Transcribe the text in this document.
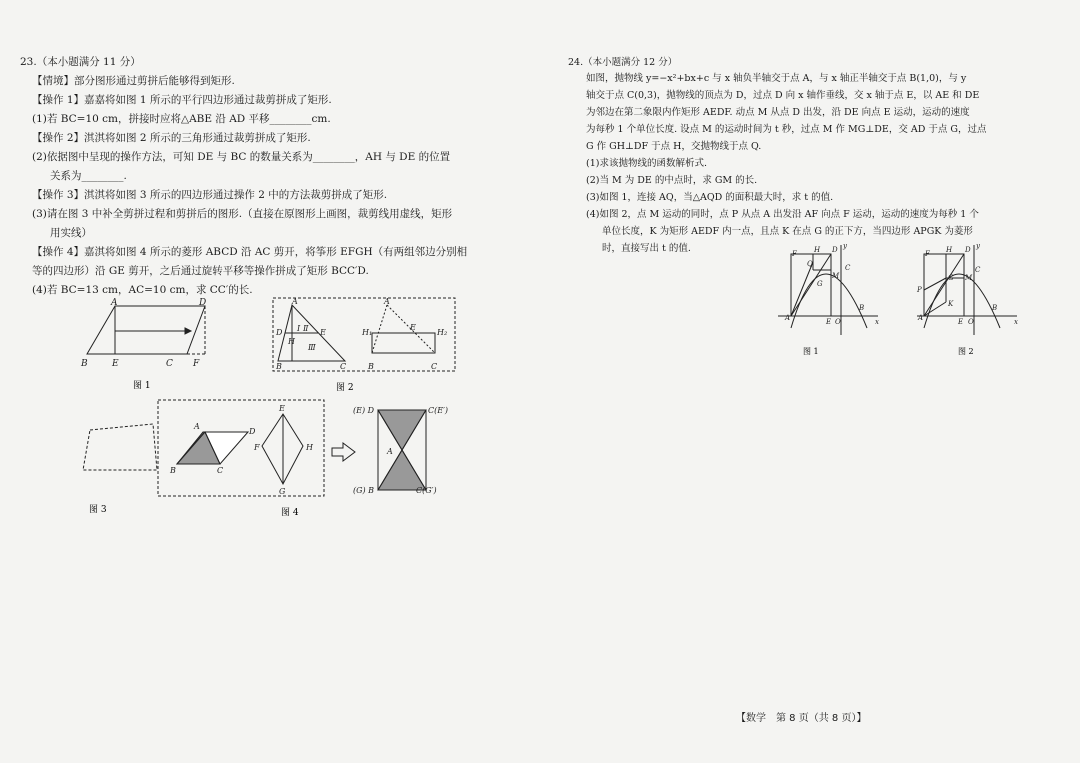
23.（本小题满分 11 分）
【情境】部分图形通过剪拼后能够得到矩形.
【操作 1】嘉嘉将如图 1 所示的平行四边形通过裁剪拼成了矩形.
(1)若 BC=10 cm，拼接时应将△ABE 沿 AD 平移________cm.
【操作 2】淇淇将如图 2 所示的三角形通过裁剪拼成了矩形.
(2)依据图中呈现的操作方法，可知 DE 与 BC 的数量关系为________，AH 与 DE 的位置
关系为________.
【操作 3】淇淇将如图 3 所示的四边形通过操作 2 中的方法裁剪拼成了矩形.
(3)请在图 3 中补全剪拼过程和剪拼后的图形.（直接在原图形上画图，裁剪线用虚线，矩形
用实线）
【操作 4】嘉淇将如图 4 所示的菱形 ABCD 沿 AC 剪开，将筝形 EFGH（有两组邻边分别相
等的四边形）沿 GE 剪开，之后通过旋转平移等操作拼成了矩形 BCC′D.
(4)若 BC=13 cm，AC=10 cm，求 CC′的长.
A	D
B	E	C F
图 1
A
D
H
E
Ⅰ Ⅱ
Ⅲ
B	C
A
H₁
E
H₂
B	C
图 2
图 3
A
D
B	C
E
F	H
G
(E) D	C(E′)
A
(G) B	C(G′)
图 4
24.（本小题满分 12 分）
如图，抛物线 y=−x²+bx+c 与 x 轴负半轴交于点 A，与 x 轴正半轴交于点 B(1,0)，与 y
轴交于点 C(0,3)，抛物线的顶点为 D，过点 D 向 x 轴作垂线，交 x 轴于点 E，以 AE 和 DE
为邻边在第二象限内作矩形 AEDF. 动点 M 从点 D 出发，沿 DE 向点 E 运动，运动的速度
为每秒 1 个单位长度. 设点 M 的运动时间为 t 秒，过点 M 作 MG⊥DE，交 AD 于点 G，过点
G 作 GH⊥DF 于点 H，交抛物线于点 Q.
(1)求该抛物线的函数解析式.
(2)当 M 为 DE 的中点时，求 GM 的长.
(3)如图 1，连接 AQ，当△AQD 的面积最大时，求 t 的值.
(4)如图 2，点 M 运动的同时，点 P 从点 A 出发沿 AF 向点 F 运动，运动的速度为每秒 1 个
单位长度，K 为矩形 AEDF 内一点，且点 K 在点 G 的正下方，当四边形 APGK 为菱形
时，直接写出 t 的值.	y
x
F H D
Q
M
G
C
A	E O
B
图 1
y
x
F H D
M
G
C
P
K
A	E O
B
图 2
【数学　第 8 页（共 8 页）】
